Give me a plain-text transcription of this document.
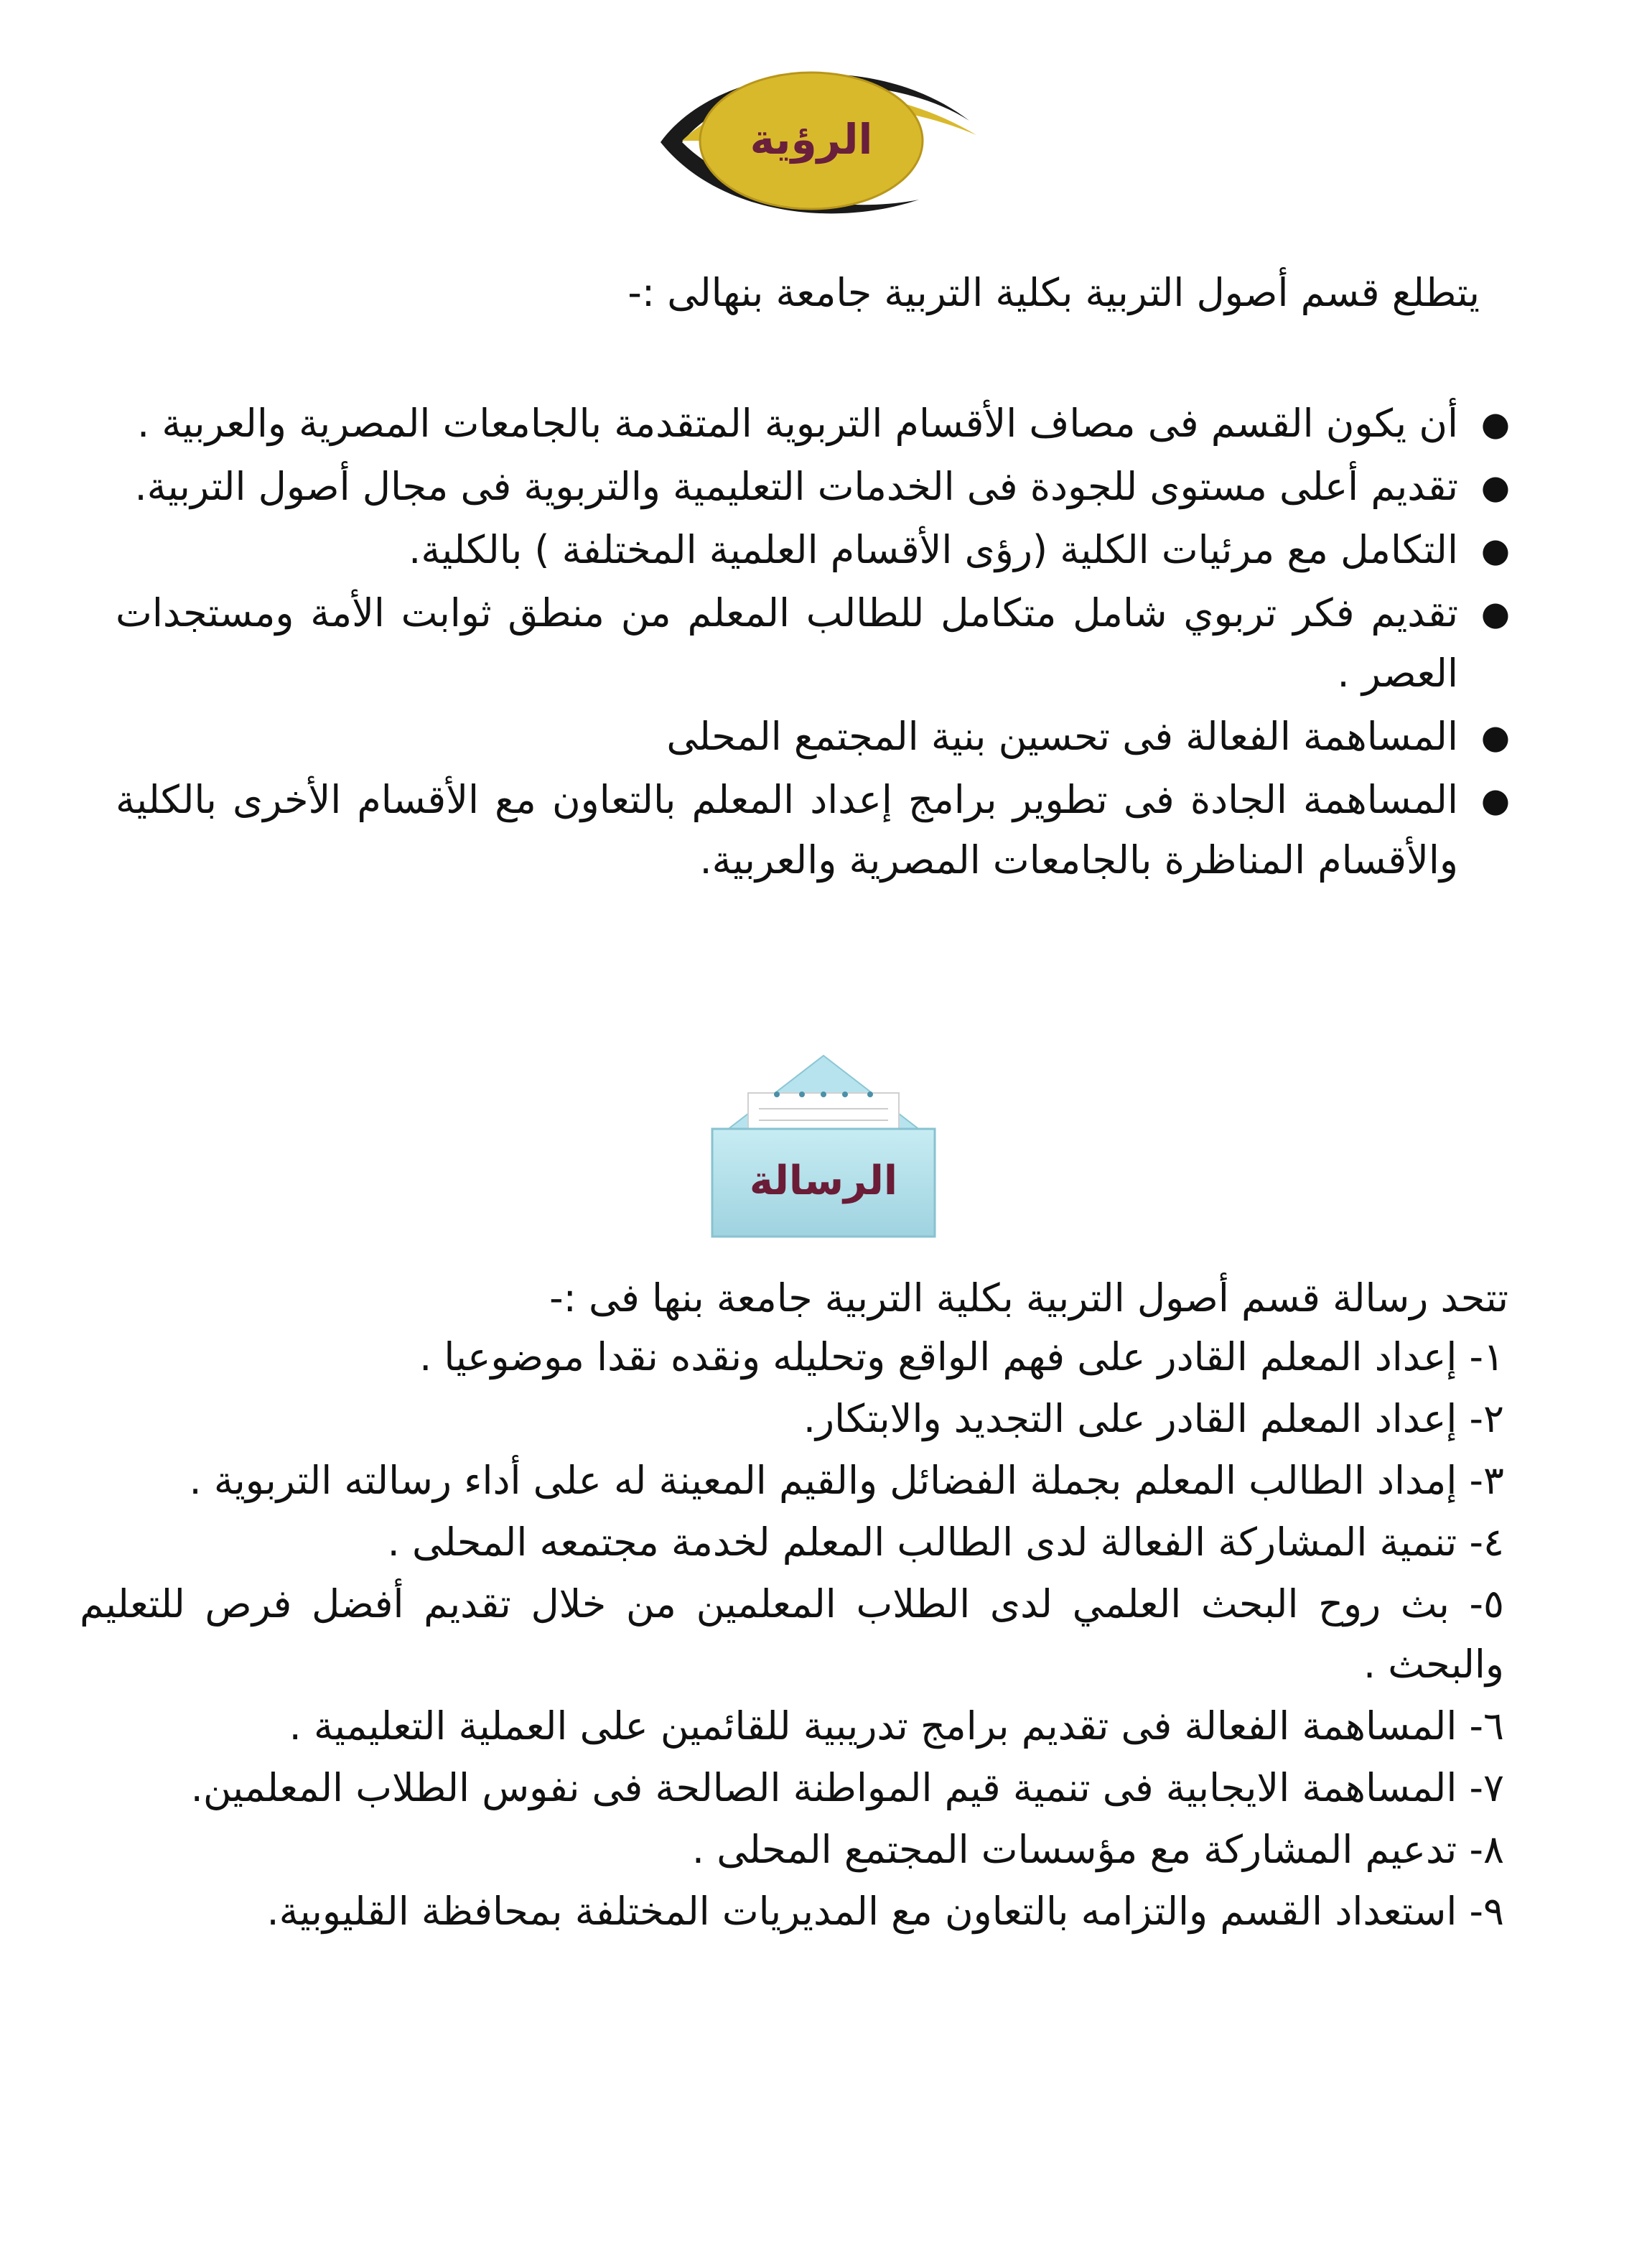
الرؤية
يتطلع قسم أصول التربية بكلية التربية جامعة بنهالى :-
●
أن يكون القسم فى مصاف الأقسام التربوية المتقدمة بالجامعات المصرية والعربية .
●
تقديم أعلى مستوى للجودة فى الخدمات التعليمية والتربوية فى مجال أصول التربية.
●
التكامل مع مرئيات الكلية (رؤى الأقسام العلمية المختلفة ) بالكلية.
●
تقديم فكر تربوي شامل متكامل للطالب المعلم من منطق ثوابت الأمة ومستجدات العصر .
●
المساهمة الفعالة فى تحسين بنية المجتمع المحلى
●
المساهمة الجادة فى تطوير برامج إعداد المعلم بالتعاون مع الأقسام الأخرى بالكلية والأقسام المناظرة بالجامعات المصرية والعربية.
الرسالة
تتحد رسالة قسم أصول التربية بكلية التربية جامعة بنها فى :-
١- إعداد المعلم القادر على فهم الواقع وتحليله ونقده نقدا موضوعيا .
٢- إعداد المعلم القادر على التجديد والابتكار.
٣- إمداد الطالب المعلم بجملة الفضائل والقيم المعينة له على أداء رسالته التربوية .
٤- تنمية المشاركة الفعالة لدى الطالب المعلم لخدمة مجتمعه المحلى .
٥- بث روح البحث العلمي لدى الطلاب المعلمين من خلال تقديم أفضل فرص للتعليم والبحث .
٦- المساهمة الفعالة فى تقديم برامج تدريبية للقائمين على العملية التعليمية .
٧- المساهمة الايجابية فى تنمية قيم المواطنة الصالحة فى نفوس الطلاب المعلمين.
٨- تدعيم المشاركة مع مؤسسات المجتمع المحلى .
٩- استعداد القسم والتزامه بالتعاون مع المديريات المختلفة بمحافظة القليوبية.
